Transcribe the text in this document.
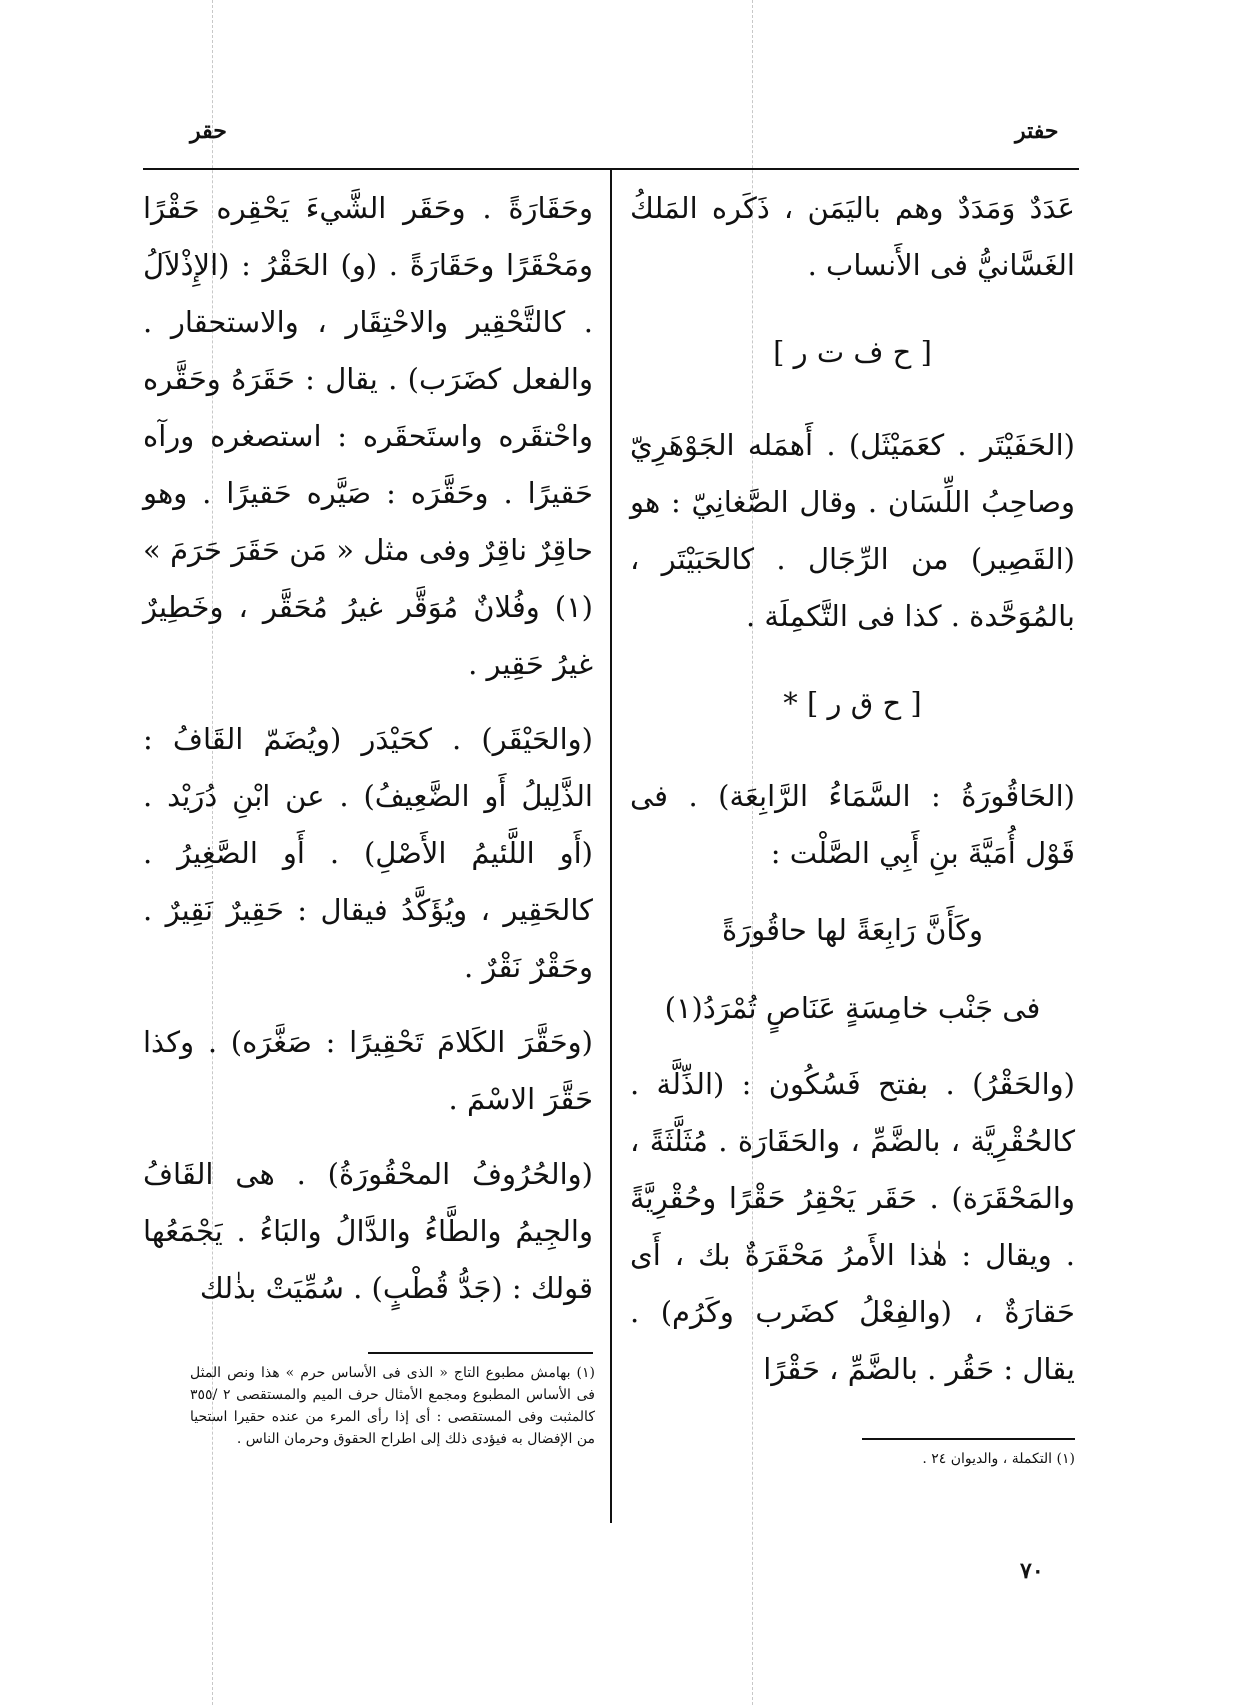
حقر	حفتر

عَدَدٌ وَمَدَدٌ وهم باليَمَن ، ذَكَره المَلكُ الغَسَّانيُّ فى الأَنساب .

[ ح ف ت ر ]

(الحَفَيْتَر . كعَمَيْثَل) . أَهمَله الجَوْهَرِيّ وصاحِبُ اللِّسَان . وقال الصَّغانِيّ : هو (القَصِير) من الرِّجَال . كالحَبَيْتَر ، بالمُوَحَّدة . كذا فى التَّكمِلَة .

[ ح ق ر ] *

(الحَاقُورَةُ : السَّمَاءُ الرَّابِعَة) . فى قَوْل أُمَيَّةَ بنِ أَبِي الصَّلْت :

وكَأَنَّ رَابِعَةً لها حاقُورَةً

فى جَنْب خامِسَةٍ عَنَاصٍ تُمْرَدُ(١)

(والحَقْرُ) . بفتح فَسُكُون : (الذِّلَّة . كالحُقْرِيَّة ، بالضَّمِّ ، والحَقَارَة . مُثَلَّثَةً ، والمَحْقَرَة) . حَقَر يَحْقِرُ حَقْرًا وحُقْرِيَّةً . ويقال : هٰذا الأَمرُ مَحْقَرَةٌ بك ، أَى حَقارَةٌ ، (والفِعْلُ كضَرب وكَرُم) . يقال : حَقُر . بالضَّمِّ ، حَقْرًا

وحَقَارَةً . وحَقَر الشَّيءَ يَحْقِره حَقْرًا ومَحْقَرًا وحَقَارَةً . (و) الحَقْرُ : (الإِذْلاَلُ . كالتَّحْقِير والاحْتِقَار ، والاستحقار . والفعل كضَرَب) . يقال : حَقَرَهُ وحَقَّره واحْتقَره واستَحقَره : استصغره ورآه حَقيرًا . وحَقَّرَه : صَيَّره حَقيرًا . وهو حاقِرٌ ناقِرٌ وفى مثل « مَن حَقَرَ حَرَمَ » (١) وفُلانٌ مُوَقَّر غيرُ مُحَقَّر ، وخَطِيرٌ غيرُ حَقِير .

(والحَيْقَر) . كحَيْدَر (ويُضَمّ القَافُ : الذَّلِيلُ أَو الضَّعِيفُ) . عن ابْنِ دُرَيْد . (أَو اللَّئيمُ الأَصْلِ) . أَو الصَّغِيرُ . كالحَقِير ، ويُؤَكَّدُ فيقال : حَقِيرٌ نَقِيرٌ . وحَقْرٌ نَقْرٌ .

(وحَقَّرَ الكَلامَ تَحْقِيرًا : صَغَّرَه) . وكذا حَقَّرَ الاسْمَ .

(والحُرُوفُ المحْقُورَةُ) . هى القَافُ والجِيمُ والطَّاءُ والدَّالُ والبَاءُ . يَجْمَعُها قولك : (جَدُّ قُطْبٍ) . سُمِّيَتْ بذٰلك

(١) بهامش مطبوع التاج « الذى فى الأساس حرم » هذا ونص المثل فى الأساس المطبوع ومجمع الأمثال حرف الميم والمستقصى ٢ /٣٥٥ كالمثبت وفى المستقصى : أى إذا رأى المرء من عنده حقيرا استحيا من الإفضال به فيؤدى ذلك إلى اطراح الحقوق وحرمان الناس .
(١) التكملة ، والديوان ٢٤ .
٧٠
